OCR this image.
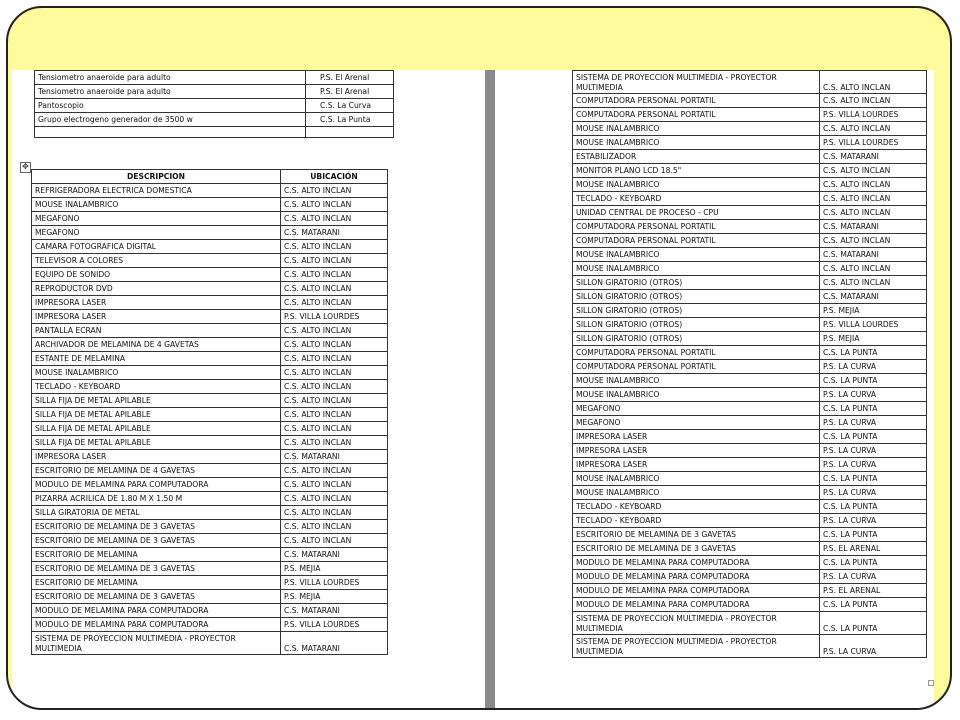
Tensiometro anaeroide para adulto	P.S. El Arenal
Tensiometro anaeroide para adulto	P.S. El Arenal
Pantoscopio	C.S. La Curva
Grupo electrogeno generador de 3500 w	C.S. La Punta

✥
DESCRIPCION	UBICACIÓN
REFRIGERADORA ELECTRICA DOMESTICA	C.S. ALTO INCLAN
MOUSE INALAMBRICO	C.S. ALTO INCLAN
MEGAFONO	C.S. ALTO INCLAN
MEGAFONO	C.S. MATARANI
CAMARA FOTOGRAFICA DIGITAL	C.S. ALTO INCLAN
TELEVISOR A COLORES	C.S. ALTO INCLAN
EQUIPO DE SONIDO	C.S. ALTO INCLAN
REPRODUCTOR DVD	C.S. ALTO INCLAN
IMPRESORA LASER	C.S. ALTO INCLAN
IMPRESORA LASER	P.S. VILLA LOURDES
PANTALLA ECRAN	C.S. ALTO INCLAN
ARCHIVADOR DE MELAMINA DE 4 GAVETAS	C.S. ALTO INCLAN
ESTANTE DE MELAMINA	C.S. ALTO INCLAN
MOUSE INALAMBRICO	C.S. ALTO INCLAN
TECLADO - KEYBOARD	C.S. ALTO INCLAN
SILLA FIJA DE METAL APILABLE	C.S. ALTO INCLAN
SILLA FIJA DE METAL APILABLE	C.S. ALTO INCLAN
SILLA FIJA DE METAL APILABLE	C.S. ALTO INCLAN
SILLA FIJA DE METAL APILABLE	C.S. ALTO INCLAN
IMPRESORA LASER	C.S. MATARANI
ESCRITORIO DE MELAMINA DE 4 GAVETAS	C.S. ALTO INCLAN
MODULO DE MELAMINA PARA COMPUTADORA	C.S. ALTO INCLAN
PIZARRA ACRILICA DE 1.80 M X 1.50 M	C.S. ALTO INCLAN
SILLA GIRATORIA DE METAL	C.S. ALTO INCLAN
ESCRITORIO DE MELAMINA DE 3 GAVETAS	C.S. ALTO INCLAN
ESCRITORIO DE MELAMINA DE 3 GAVETAS	C.S. ALTO INCLAN
ESCRITORIO DE MELAMINA	C.S. MATARANI
ESCRITORIO DE MELAMINA DE 3 GAVETAS	P.S. MEJIA
ESCRITORIO DE MELAMINA	P.S. VILLA LOURDES
ESCRITORIO DE MELAMINA DE 3 GAVETAS	P.S. MEJIA
MODULO DE MELAMINA PARA COMPUTADORA	C.S. MATARANI
MODULO DE MELAMINA PARA COMPUTADORA	P.S. VILLA LOURDES
SISTEMA DE PROYECCION MULTIMEDIA - PROYECTOR MULTIMEDIA	C.S. MATARANI
SISTEMA DE PROYECCION MULTIMEDIA - PROYECTOR MULTIMEDIA	C.S. ALTO INCLAN
COMPUTADORA PERSONAL PORTATIL	C.S. ALTO INCLAN
COMPUTADORA PERSONAL PORTATIL	P.S. VILLA LOURDES
MOUSE INALAMBRICO	C.S. ALTO INCLAN
MOUSE INALAMBRICO	P.S. VILLA LOURDES
ESTABILIZADOR	C.S. MATARANI
MONITOR PLANO LCD 18.5"	C.S. ALTO INCLAN
MOUSE INALAMBRICO	C.S. ALTO INCLAN
TECLADO - KEYBOARD	C.S. ALTO INCLAN
UNIDAD CENTRAL DE PROCESO - CPU	C.S. ALTO INCLAN
COMPUTADORA PERSONAL PORTATIL	C.S. MATARANI
COMPUTADORA PERSONAL PORTATIL	C.S. ALTO INCLAN
MOUSE INALAMBRICO	C.S. MATARANI
MOUSE INALAMBRICO	C.S. ALTO INCLAN
SILLON GIRATORIO (OTROS)	C.S. ALTO INCLAN
SILLON GIRATORIO (OTROS)	C.S. MATARANI
SILLON GIRATORIO (OTROS)	P.S. MEJIA
SILLON GIRATORIO (OTROS)	P.S. VILLA LOURDES
SILLON GIRATORIO (OTROS)	P.S. MEJIA
COMPUTADORA PERSONAL PORTATIL	C.S. LA PUNTA
COMPUTADORA PERSONAL PORTATIL	P.S. LA CURVA
MOUSE INALAMBRICO	C.S. LA PUNTA
MOUSE INALAMBRICO	P.S. LA CURVA
MEGAFONO	C.S. LA PUNTA
MEGAFONO	P.S. LA CURVA
IMPRESORA LASER	C.S. LA PUNTA
IMPRESORA LASER	P.S. LA CURVA
IMPRESORA LASER	P.S. LA CURVA
MOUSE INALAMBRICO	C.S. LA PUNTA
MOUSE INALAMBRICO	P.S. LA CURVA
TECLADO - KEYBOARD	C.S. LA PUNTA
TECLADO - KEYBOARD	P.S. LA CURVA
ESCRITORIO DE MELAMINA DE 3 GAVETAS	C.S. LA PUNTA
ESCRITORIO DE MELAMINA DE 3 GAVETAS	P.S. EL ARENAL
MODULO DE MELAMINA PARA COMPUTADORA	C.S. LA PUNTA
MODULO DE MELAMINA PARA COMPUTADORA	P.S. LA CURVA
MODULO DE MELAMINA PARA COMPUTADORA	P.S. EL ARENAL
MODULO DE MELAMINA PARA COMPUTADORA	C.S. LA PUNTA
SISTEMA DE PROYECCION MULTIMEDIA - PROYECTOR MULTIMEDIA	C.S. LA PUNTA
SISTEMA DE PROYECCION MULTIMEDIA - PROYECTOR MULTIMEDIA	P.S. LA CURVA
